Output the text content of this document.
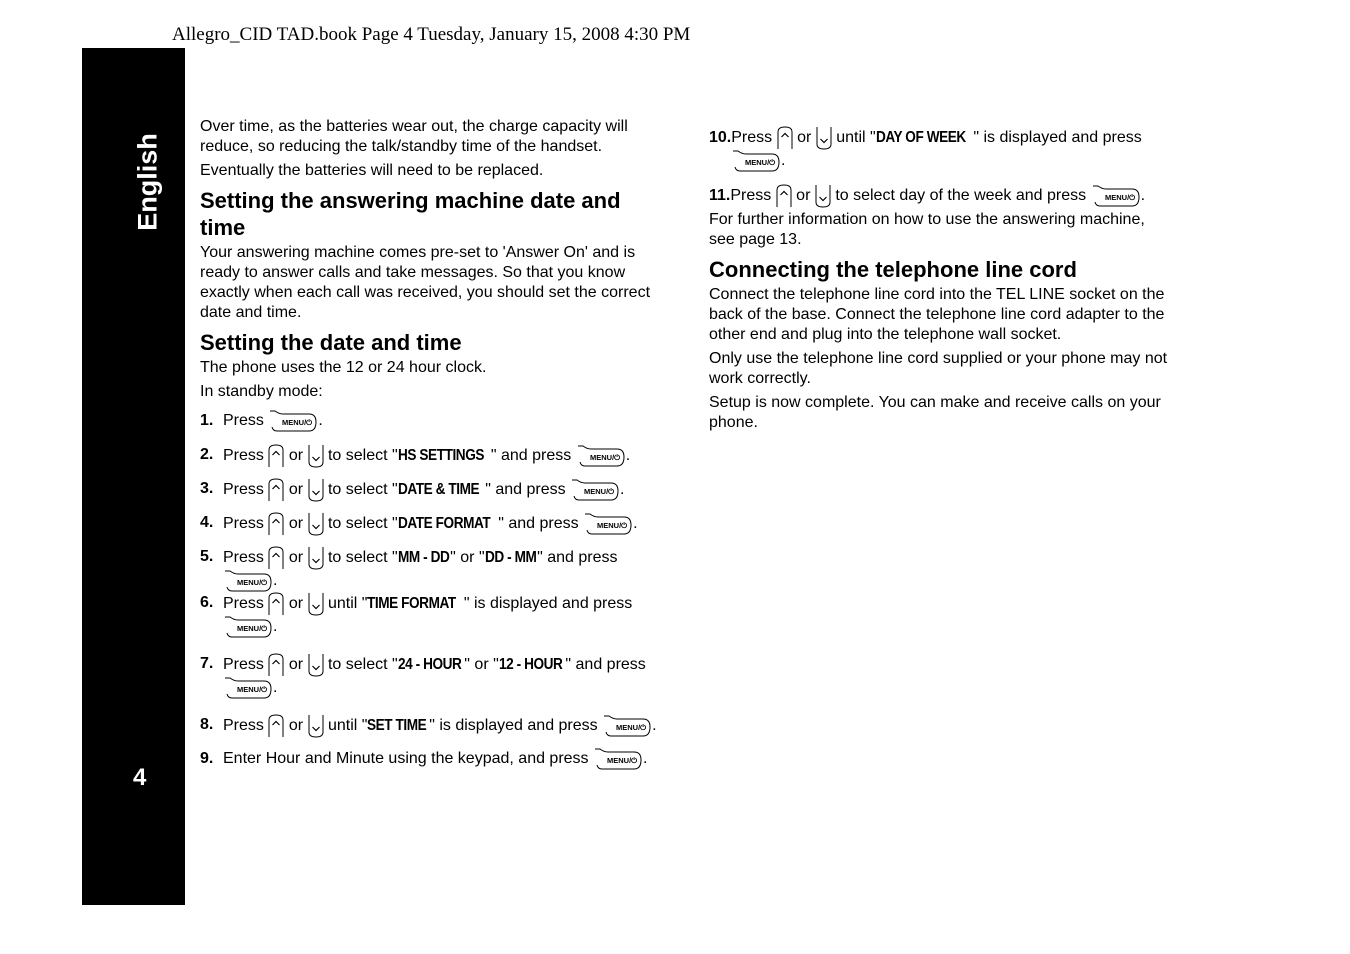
Allegro_CID TAD.book Page 4 Tuesday, January 15, 2008 4:30 PM
English
4

Over time, as the batteries wear out, the charge capacity will reduce, so reducing the talk/standby time of the handset.

Eventually the batteries will need to be replaced.

Setting the answering machine date and time

Your answering machine comes pre-set to 'Answer On' and is ready to answer calls and take messages. So that you know exactly when each call was received, you should set the correct date and time.

Setting the date and time

The phone uses the 12 or 24 hour clock.

In standby mode:

1. Press MENU/⏻ .
2. Press or to select "HS SETTINGS " and press MENU/⏻ .
3. Press or to select "DATE & TIME " and press MENU/⏻ .
4. Press or to select "DATE FORMAT " and press MENU/⏻ .
5. Press or to select "MM - DD" or "DD - MM" and press
MENU/⏻ .
6. Press or until "TIME FORMAT " is displayed and press

MENU/⏻ .
7. Press or to select "24 - HOUR " or "12 - HOUR " and press

MENU/⏻ .
8. Press or until "SET TIME " is displayed and press MENU/⏻ .
9. Enter Hour and Minute using the keypad, and press MENU/⏻ .
10.Press or until "DAY OF WEEK " is displayed and press

MENU/⏻ .
11.Press or to select day of the week and press MENU/⏻ .

For further information on how to use the answering machine, see page 13.

Connecting the telephone line cord

Connect the telephone line cord into the TEL LINE socket on the back of the base. Connect the telephone line cord adapter to the other end and plug into the telephone wall socket.

Only use the telephone line cord supplied or your phone may not work correctly.

Setup is now complete. You can make and receive calls on your phone.
